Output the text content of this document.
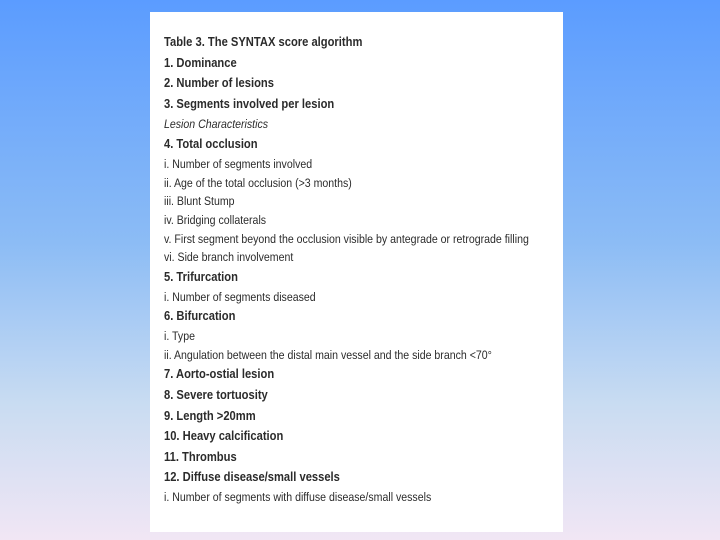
Table 3. The SYNTAX score algorithm
1. Dominance
2. Number of lesions
3. Segments involved per lesion
Lesion Characteristics
4. Total occlusion
i. Number of segments involved
ii. Age of the total occlusion (>3 months)
iii. Blunt Stump
iv. Bridging collaterals
v. First segment beyond the occlusion visible by antegrade or retrograde filling
vi. Side branch involvement
5. Trifurcation
i. Number of segments diseased
6. Bifurcation
i. Type
ii. Angulation between the distal main vessel and the side branch <70°
7. Aorto-ostial lesion
8. Severe tortuosity
9. Length >20mm
10. Heavy calcification
11. Thrombus
12. Diffuse disease/small vessels
i. Number of segments with diffuse disease/small vessels
